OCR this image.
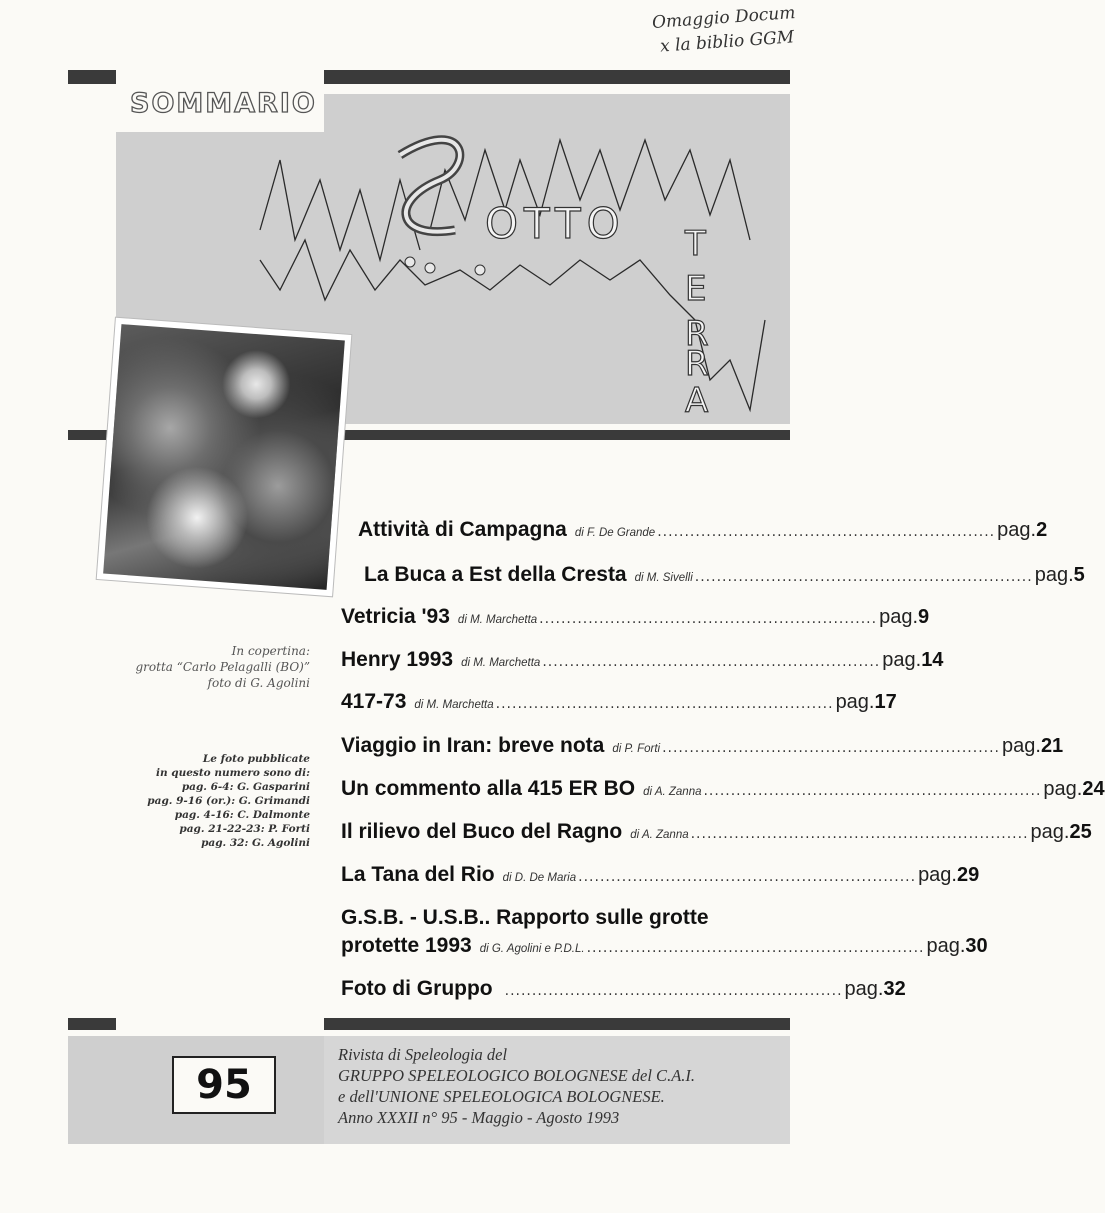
Omaggio Docum
x la biblio GGM
SOMMARIO
OTTO T
E
R
R
A
In copertina:
grotta “Carlo Pelagalli (BO)”
foto di G. Agolini
Le foto pubblicate
in questo numero sono di:
pag. 6-4: G. Gasparini
pag. 9-16 (or.): G. Grimandi
pag. 4-16: C. Dalmonte
pag. 21-22-23: P. Forti
pag. 32: G. Agolini
Attività di Campagna di F. De Grande .............................................................. pag. 2
La Buca a Est della Cresta di M. Sivelli .............................................................. pag. 5
Vetricia '93 di M. Marchetta .............................................................. pag. 9
Henry 1993 di M. Marchetta .............................................................. pag. 14
417-73 di M. Marchetta .............................................................. pag. 17
Viaggio in Iran: breve nota di P. Forti .............................................................. pag. 21
Un commento alla 415 ER BO di A. Zanna .............................................................. pag. 24
Il rilievo del Buco del Ragno di A. Zanna .............................................................. pag. 25
La Tana del Rio di D. De Maria .............................................................. pag. 29
G.S.B. - U.S.B.. Rapporto sulle grotte
protette 1993 di G. Agolini e P.D.L. .............................................................. pag. 30
Foto di Gruppo .............................................................. pag. 32
95
Rivista di Speleologia del
GRUPPO SPELEOLOGICO BOLOGNESE del C.A.I.
e dell'UNIONE SPELEOLOGICA BOLOGNESE.
Anno XXXII n° 95 - Maggio - Agosto 1993
